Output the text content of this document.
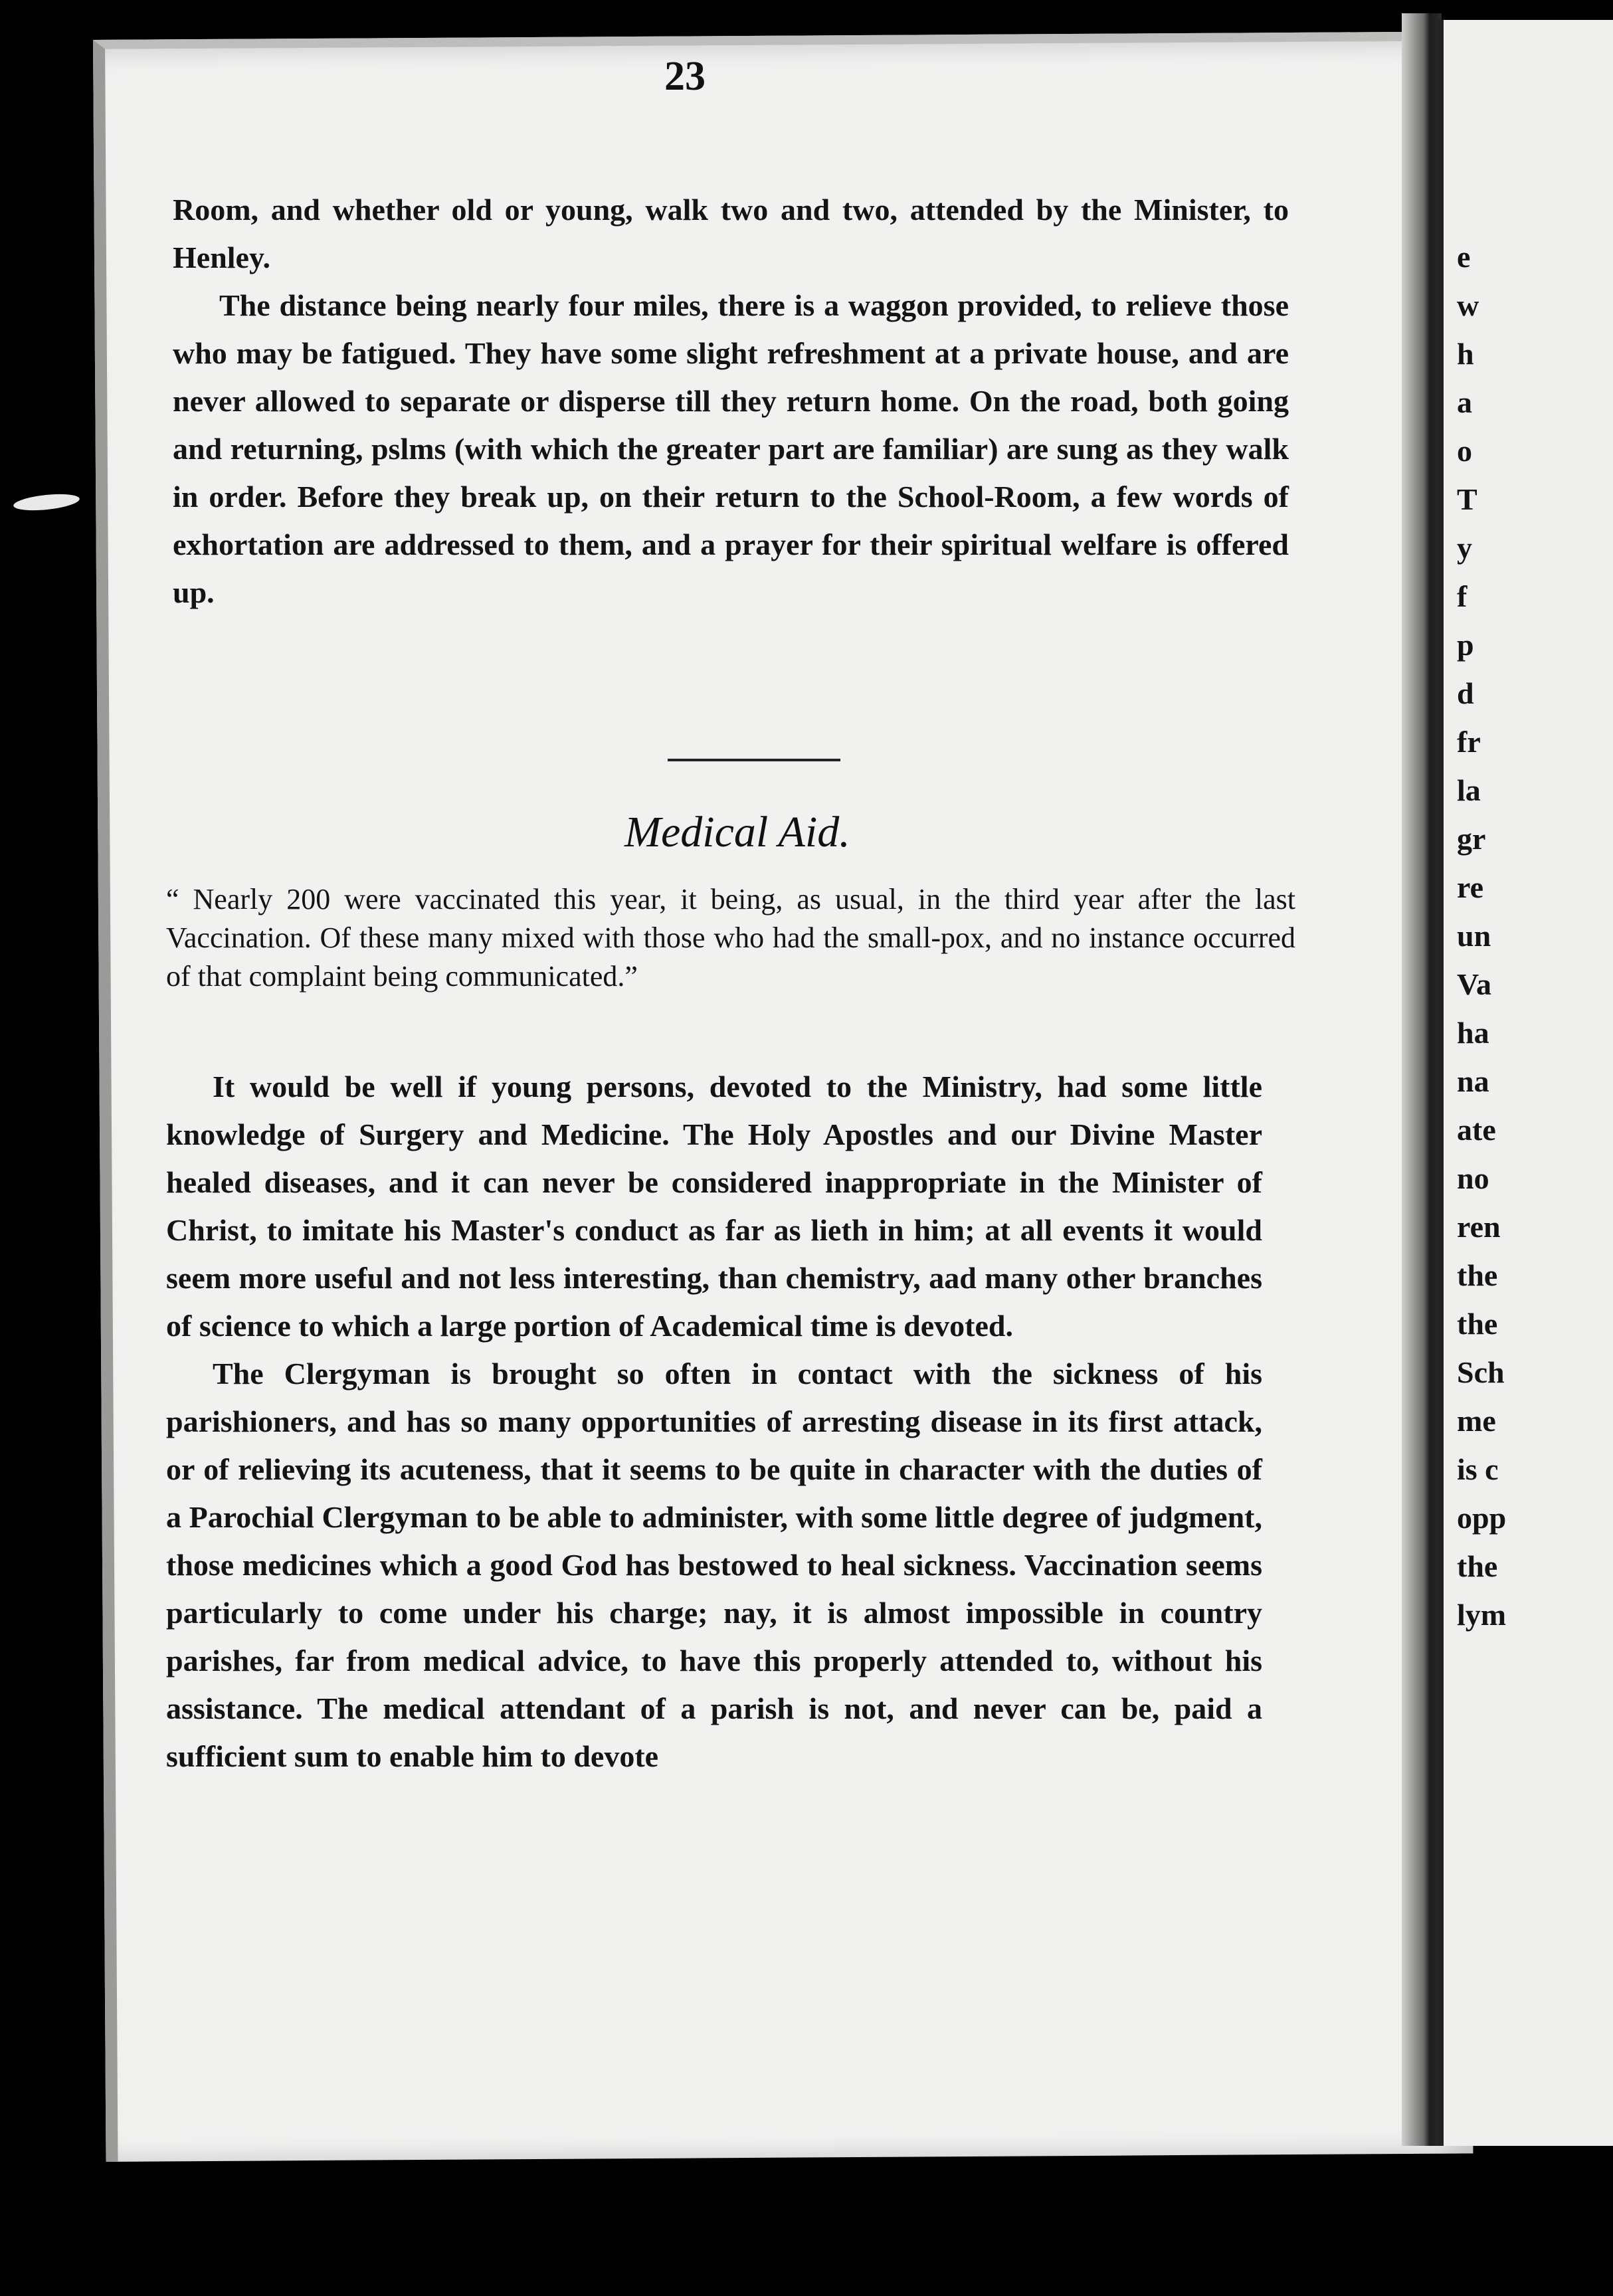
e
w
h
a
o
T
y
f
p
d
fr
la
gr
re
un
Va
ha
na
ate
no
ren
the
the
Sch
me
is c
opp
the
lym
23

Room, and whether old or young, walk two and two, attended by the Minister, to Henley.

The distance being nearly four miles, there is a waggon provided, to relieve those who may be fatigued. They have some slight refreshment at a private house, and are never allowed to separate or disperse till they return home. On the road, both going and returning, pslms (with which the greater part are familiar) are sung as they walk in order. Before they break up, on their return to the School-Room, a few words of exhortation are addressed to them, and a prayer for their spiritual welfare is offered up.

Medical Aid.
“ Nearly 200 were vaccinated this year, it being, as usual, in the third year after the last Vaccination. Of these many mixed with those who had the small-pox, and no instance occurred of that complaint being communicated.”

It would be well if young persons, devoted to the Ministry, had some little knowledge of Surgery and Medicine. The Holy Apostles and our Divine Master healed diseases, and it can never be considered inappropriate in the Minister of Christ, to imitate his Master's conduct as far as lieth in him; at all events it would seem more useful and not less interesting, than chemistry, aad many other branches of science to which a large portion of Academical time is devoted.

The Clergyman is brought so often in contact with the sickness of his parishioners, and has so many opportunities of arresting disease in its first attack, or of relieving its acuteness, that it seems to be quite in character with the duties of a Parochial Clergyman to be able to administer, with some little degree of judgment, those medicines which a good God has bestowed to heal sickness. Vaccination seems particularly to come under his charge; nay, it is almost impossible in country parishes, far from medical advice, to have this properly attended to, without his assistance. The medical attendant of a parish is not, and never can be, paid a sufficient sum to enable him to devote
